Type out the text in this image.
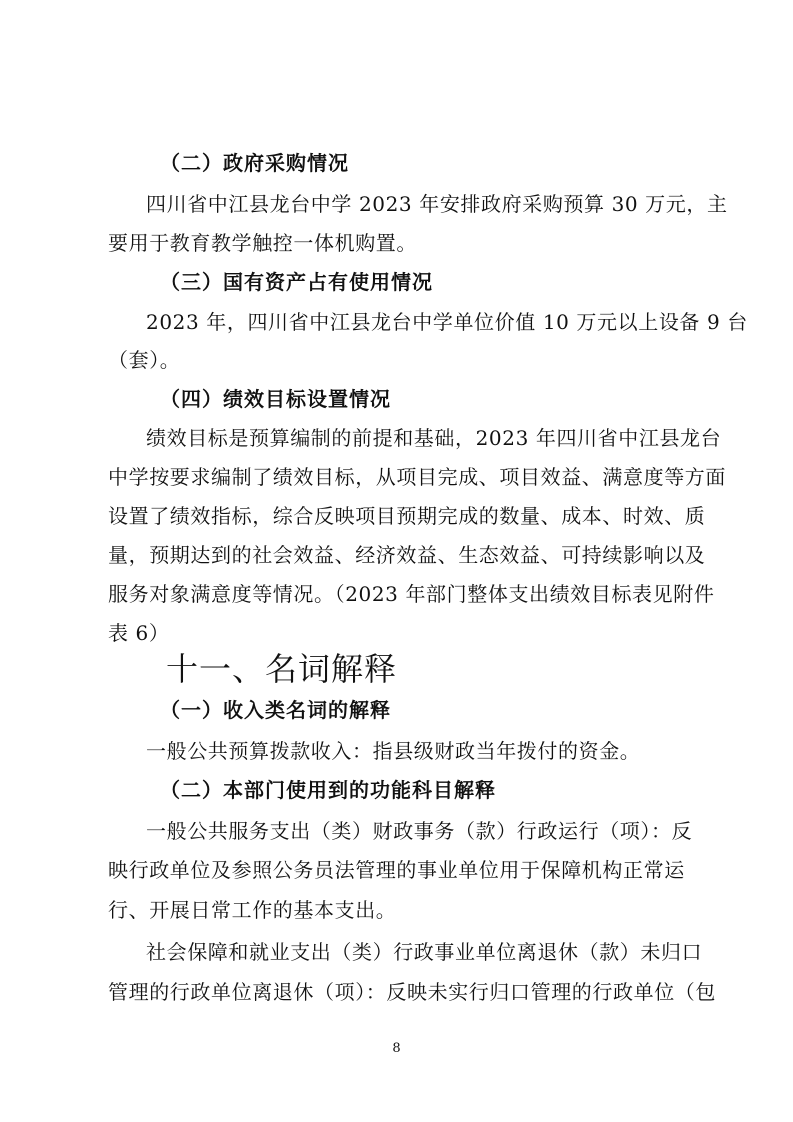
（二）政府采购情况
四川省中江县龙台中学 2023 年安排政府采购预算 30 万元，主
要用于教育教学触控一体机购置。
（三）国有资产占有使用情况
2023 年，四川省中江县龙台中学单位价值 10 万元以上设备 9 台
（套）。
（四）绩效目标设置情况
绩效目标是预算编制的前提和基础，2023 年四川省中江县龙台
中学按要求编制了绩效目标，从项目完成、项目效益、满意度等方面
设置了绩效指标，综合反映项目预期完成的数量、成本、时效、质
量，预期达到的社会效益、经济效益、生态效益、可持续影响以及
服务对象满意度等情况。（2023 年部门整体支出绩效目标表见附件
表 6）
十一、名词解释
（一）收入类名词的解释
一般公共预算拨款收入：指县级财政当年拨付的资金。
（二）本部门使用到的功能科目解释
一般公共服务支出（类）财政事务（款）行政运行（项）：反
映行政单位及参照公务员法管理的事业单位用于保障机构正常运
行、开展日常工作的基本支出。
社会保障和就业支出（类）行政事业单位离退休（款）未归口
管理的行政单位离退休（项）：反映未实行归口管理的行政单位（包
8
